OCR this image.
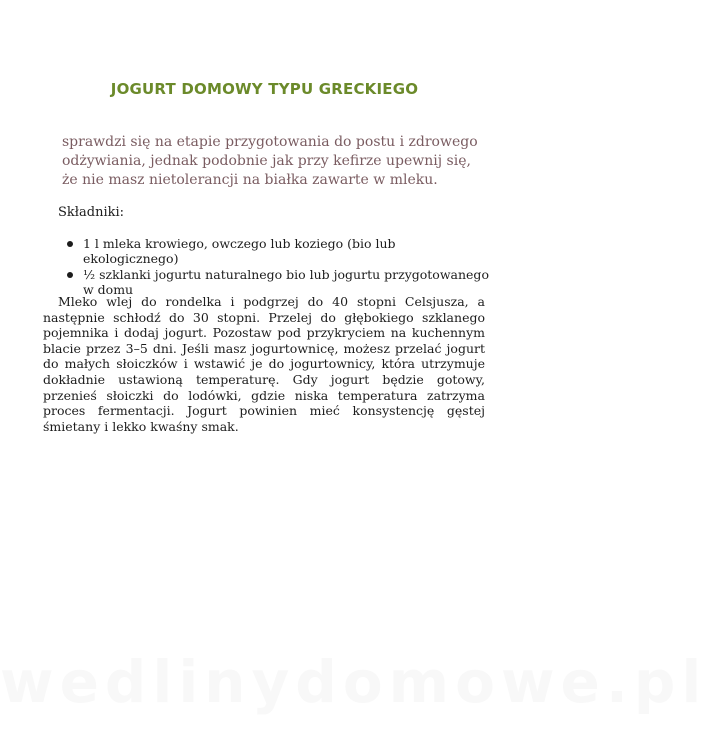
JOGURT DOMOWY TYPU GRECKIEGO
sprawdzi się na etapie przygotowania do postu i zdrowego odżywiania, jednak podobnie jak przy kefirze upewnij się, że nie masz nietolerancji na białka zawarte w mleku.
Składniki:
1 l mleka krowiego, owczego lub koziego (bio lub ekologicznego)
½ szklanki jogurtu naturalnego bio lub jogurtu przygotowanego w domu

Mleko wlej do rondelka i podgrzej do 40 stopni Celsjusza, a następnie schłodź do 30 stopni. Przelej do głębokiego szklanego pojemnika i dodaj jogurt. Pozostaw pod przykryciem na kuchennym blacie przez 3–5 dni. Jeśli masz jogurtownicę, możesz przelać jogurt do małych słoiczków i wstawić je do jogurtownicy, która utrzymuje dokładnie ustawioną temperaturę. Gdy jogurt będzie gotowy, przenieś słoiczki do lodówki, gdzie niska temperatura zatrzyma proces fermentacji. Jogurt powinien mieć konsystencję gęstej śmietany i lekko kwaśny smak.

wedlinydomowe.pl
